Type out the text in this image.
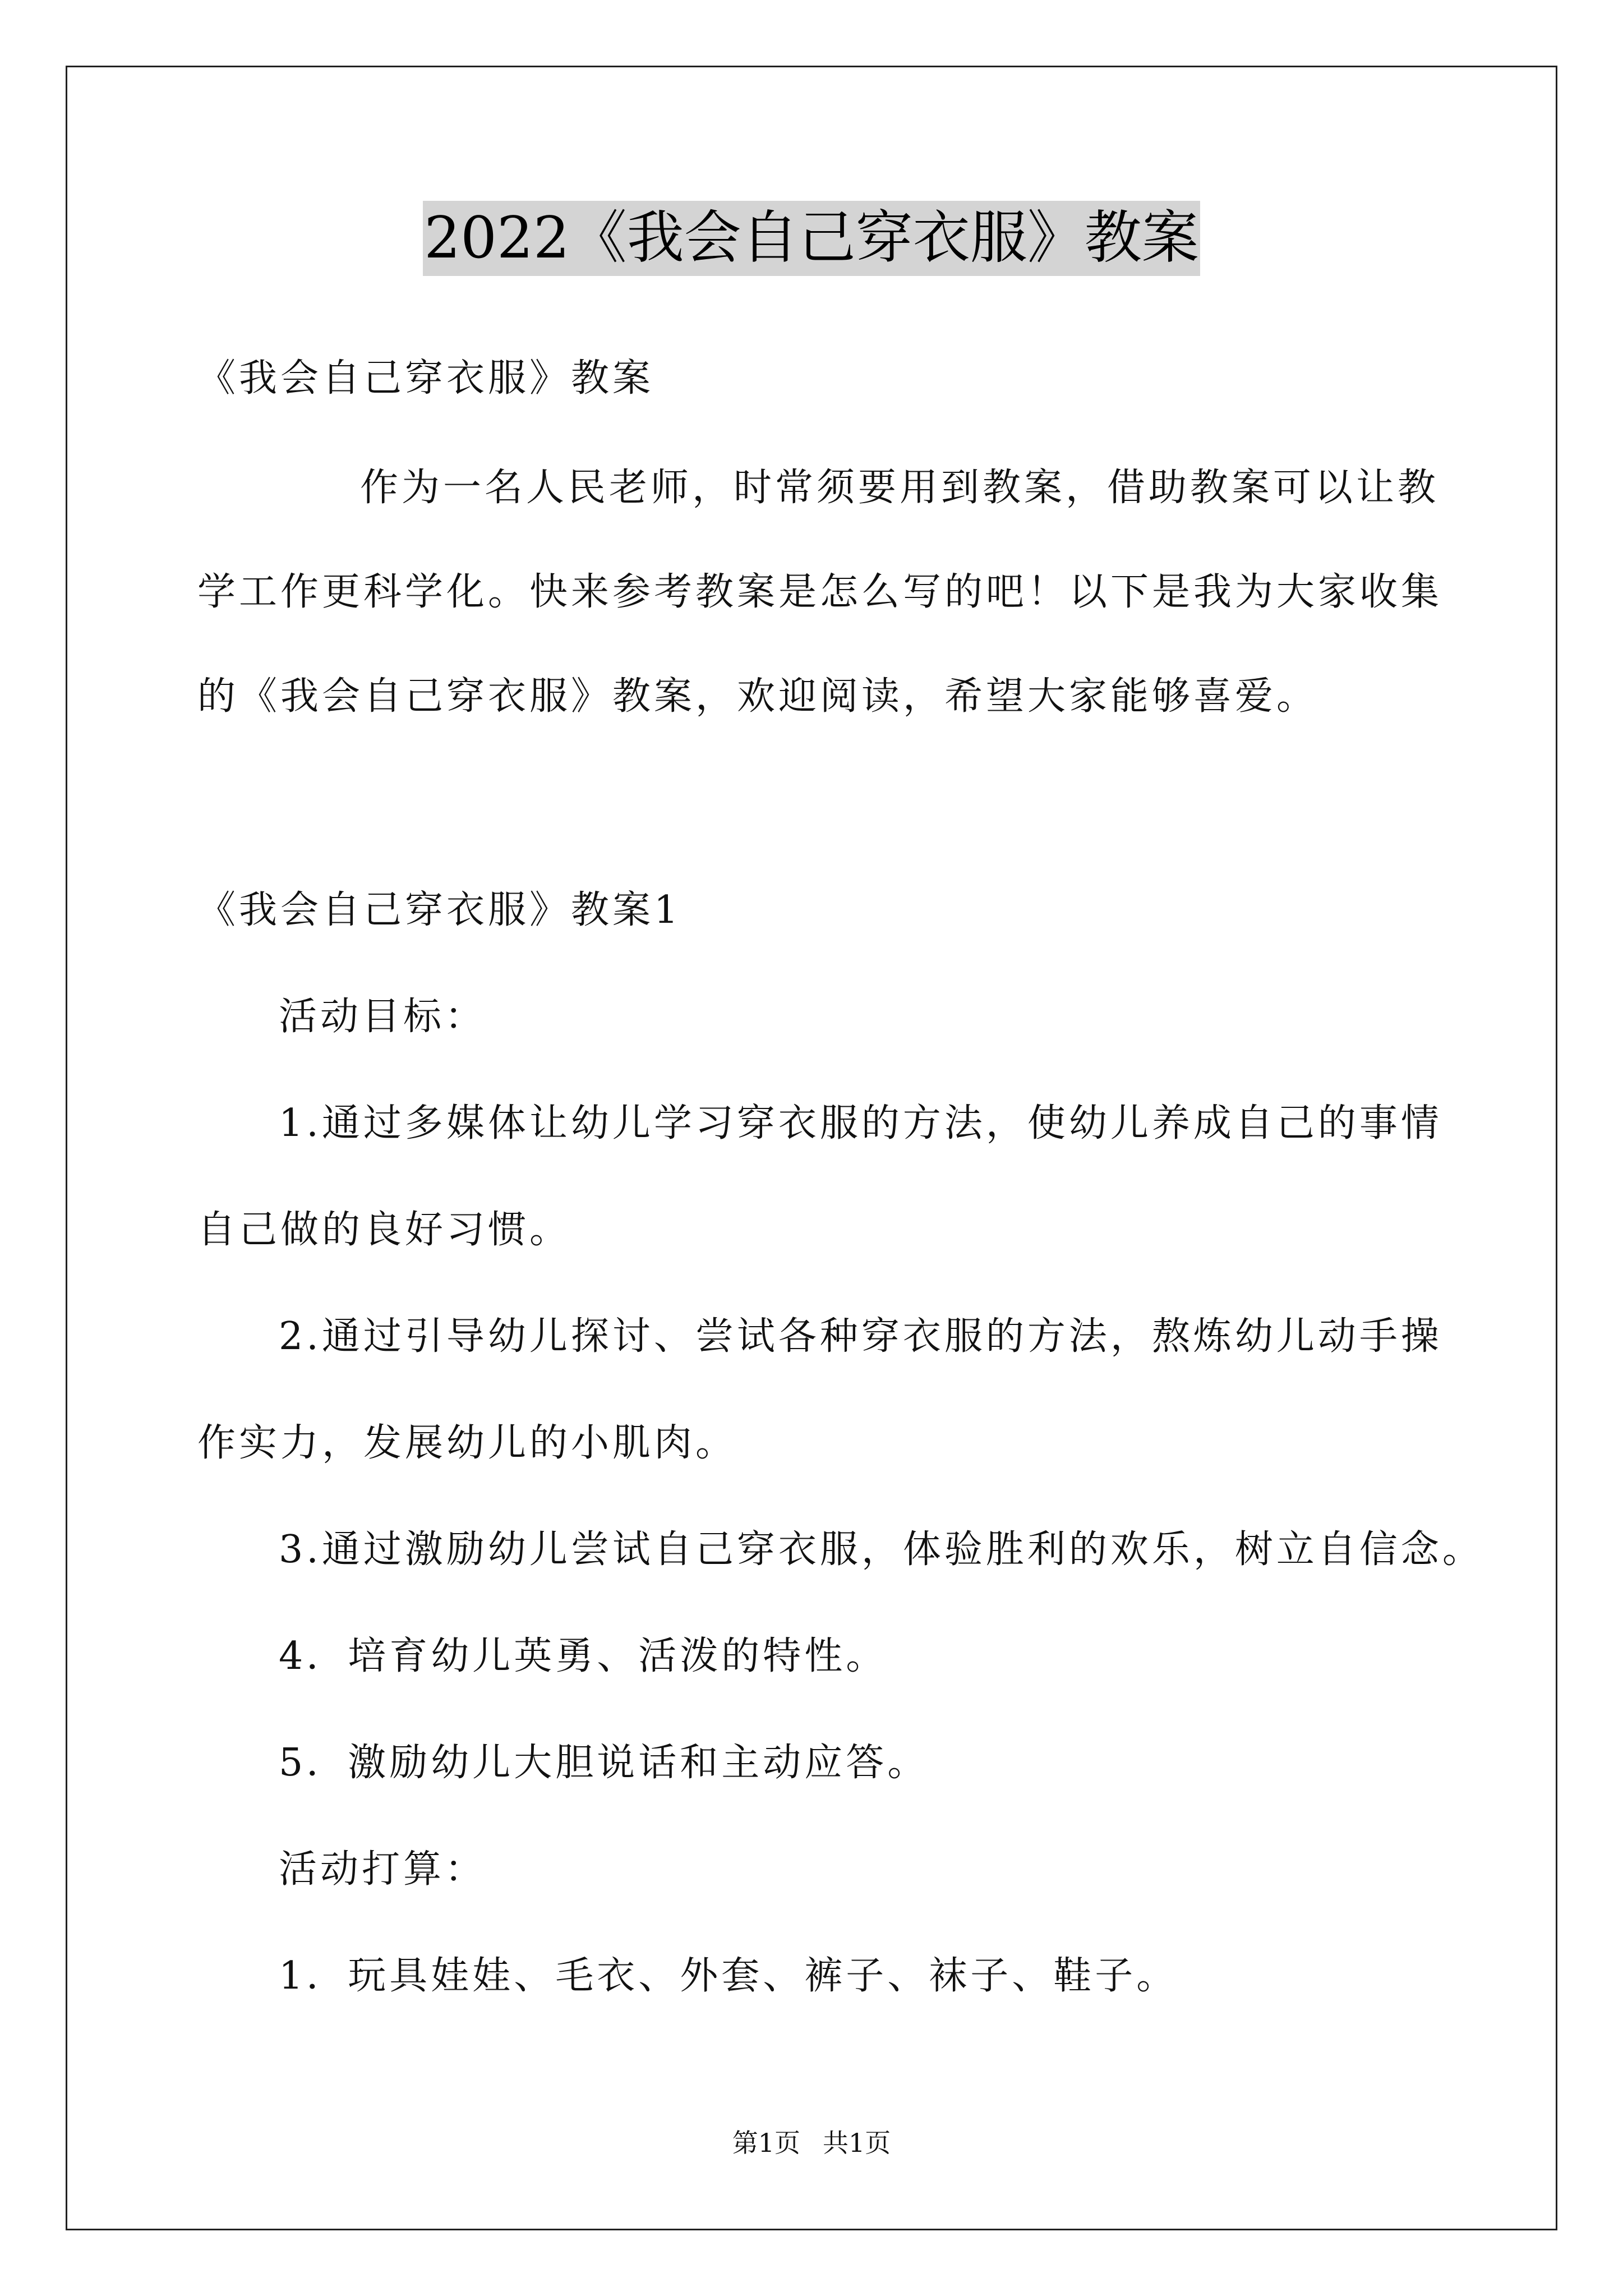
2022《我会自己穿衣服》教案
《我会自己穿衣服》教案
作为一名人民老师，时常须要用到教案，借助教案可以让教
学工作更科学化。快来参考教案是怎么写的吧！以下是我为大家收集
的《我会自己穿衣服》教案，欢迎阅读，希望大家能够喜爱。
《我会自己穿衣服》教案1
活动目标：
1.通过多媒体让幼儿学习穿衣服的方法，使幼儿养成自己的事情
自己做的良好习惯。
2.通过引导幼儿探讨、尝试各种穿衣服的方法，熬炼幼儿动手操
作实力，发展幼儿的小肌肉。
3.通过激励幼儿尝试自己穿衣服，体验胜利的欢乐，树立自信念。
4．培育幼儿英勇、活泼的特性。
5．激励幼儿大胆说话和主动应答。
活动打算：
1．玩具娃娃、毛衣、外套、裤子、袜子、鞋子。
第1页 共1页
